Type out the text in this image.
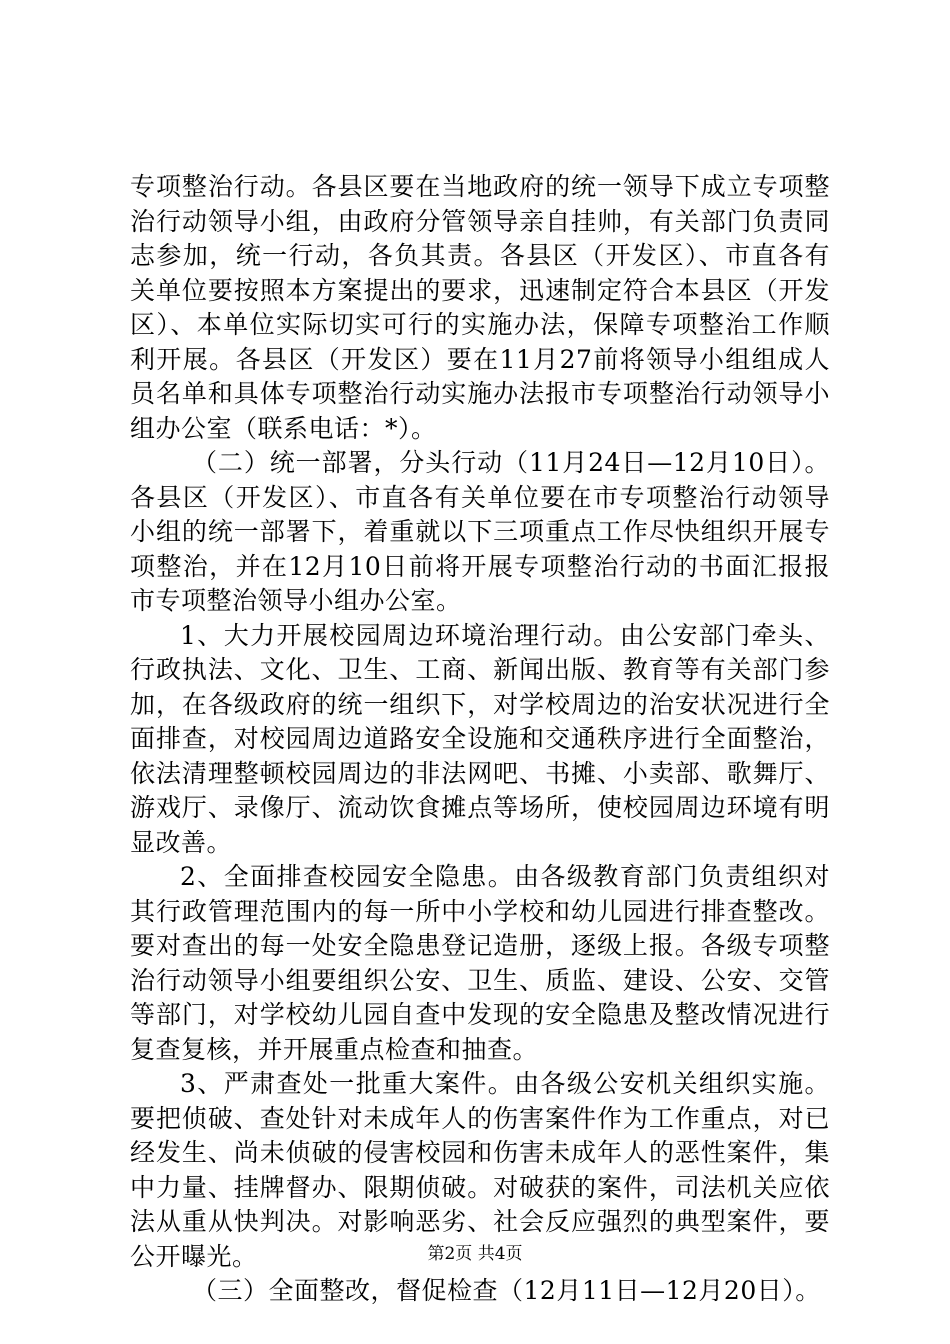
专项整治行动。各县区要在当地政府的统一领导下成立专项整治行动领导小组，由政府分管领导亲自挂帅，有关部门负责同志参加，统一行动，各负其责。各县区（开发区）、市直各有关单位要按照本方案提出的要求，迅速制定符合本县区（开发区）、本单位实际切实可行的实施办法，保障专项整治工作顺利开展。各县区（开发区）要在11月27前将领导小组组成人员名单和具体专项整治行动实施办法报市专项整治行动领导小组办公室（联系电话：*）。

（二）统一部署，分头行动（11月24日—12月10日）。各县区（开发区）、市直各有关单位要在市专项整治行动领导小组的统一部署下，着重就以下三项重点工作尽快组织开展专项整治，并在12月10日前将开展专项整治行动的书面汇报报市专项整治领导小组办公室。

1、大力开展校园周边环境治理行动。由公安部门牵头、行政执法、文化、卫生、工商、新闻出版、教育等有关部门参加，在各级政府的统一组织下，对学校周边的治安状况进行全面排查，对校园周边道路安全设施和交通秩序进行全面整治，依法清理整顿校园周边的非法网吧、书摊、小卖部、歌舞厅、游戏厅、录像厅、流动饮食摊点等场所，使校园周边环境有明显改善。

2、全面排查校园安全隐患。由各级教育部门负责组织对其行政管理范围内的每一所中小学校和幼儿园进行排查整改。要对查出的每一处安全隐患登记造册，逐级上报。各级专项整治行动领导小组要组织公安、卫生、质监、建设、公安、交管等部门，对学校幼儿园自查中发现的安全隐患及整改情况进行复查复核，并开展重点检查和抽查。

3、严肃查处一批重大案件。由各级公安机关组织实施。要把侦破、查处针对未成年人的伤害案件作为工作重点，对已经发生、尚未侦破的侵害校园和伤害未成年人的恶性案件，集中力量、挂牌督办、限期侦破。对破获的案件，司法机关应依法从重从快判决。对影响恶劣、社会反应强烈的典型案件，要公开曝光。

（三）全面整改，督促检查（12月11日—12月20日）。

第2页 共4页
